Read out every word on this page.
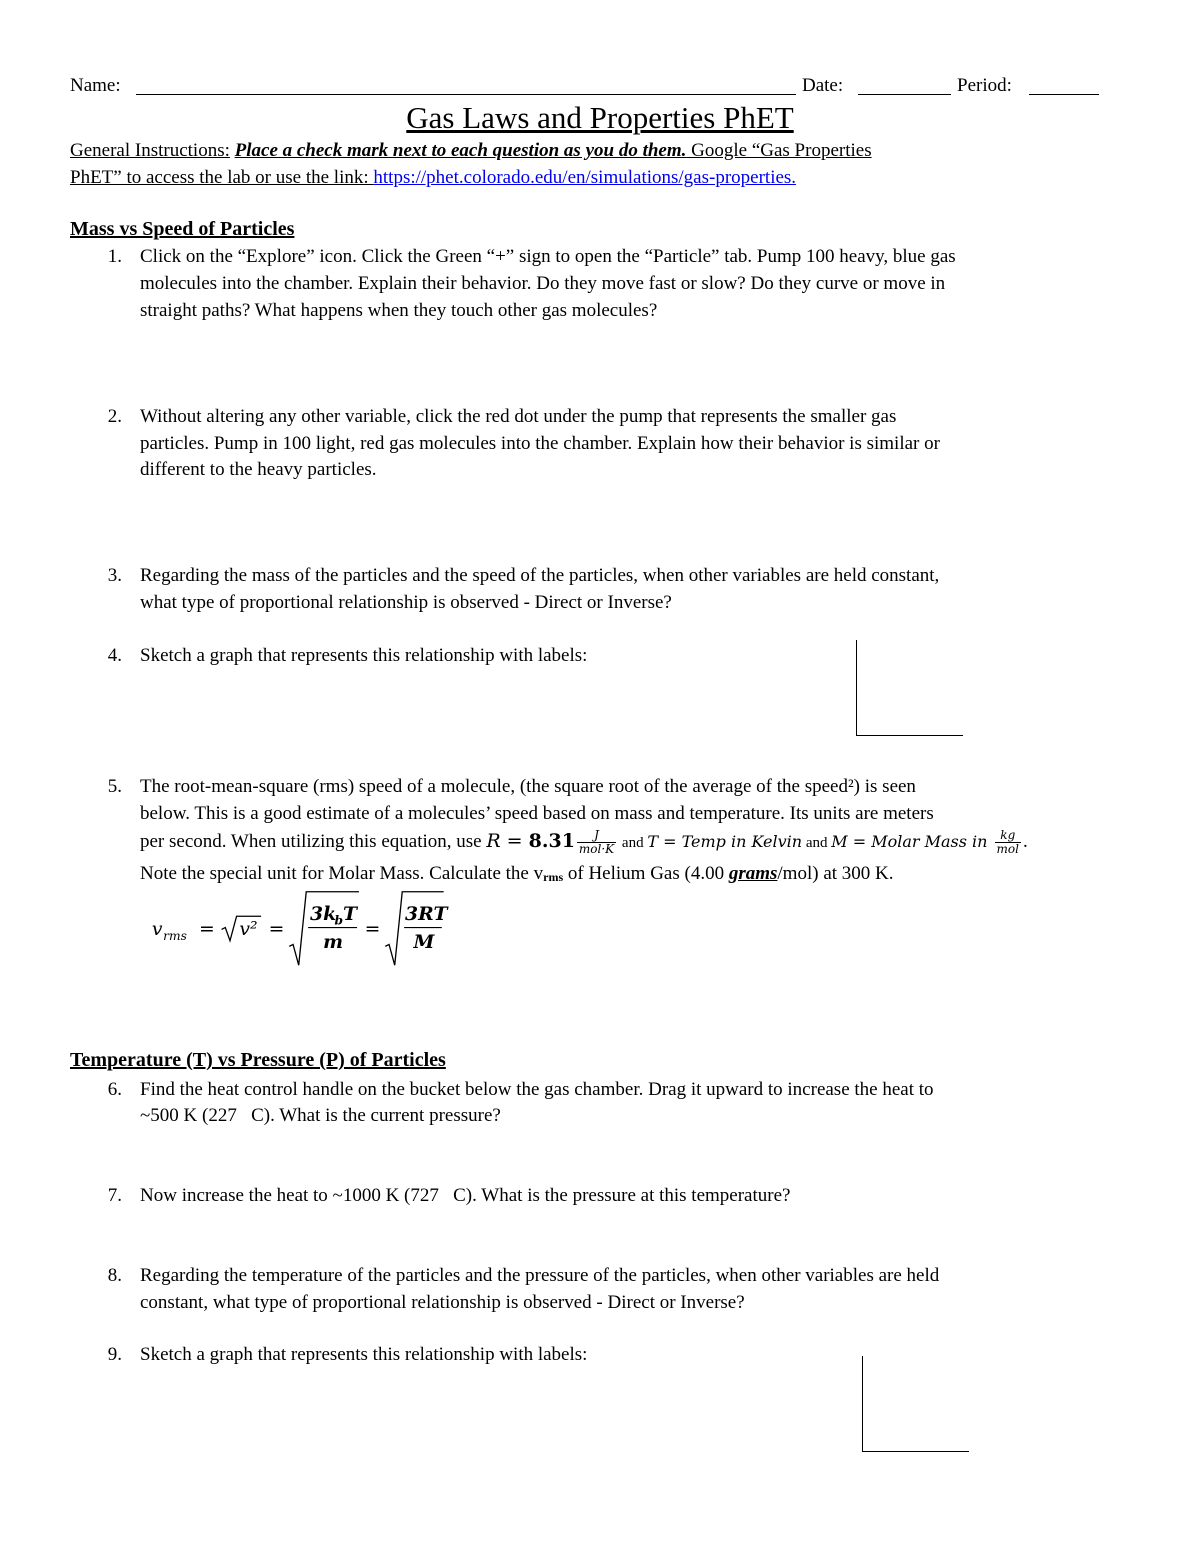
Name:	Date:	Period:
Gas Laws and Properties PhET
General Instructions: Place a check mark next to each question as you do them. Google “Gas Properties
PhET” to access the lab or use the link: https://phet.colorado.edu/en/simulations/gas-properties.
Mass vs Speed of Particles
1. Click on the “Explore” icon. Click the Green “+” sign to open the “Particle” tab. Pump 100 heavy, blue gas
molecules into the chamber. Explain their behavior. Do they move fast or slow? Do they curve or move in
straight paths? What happens when they touch other gas molecules?
2. Without altering any other variable, click the red dot under the pump that represents the smaller gas
particles. Pump in 100 light, red gas molecules into the chamber. Explain how their behavior is similar or
different to the heavy particles.
3. Regarding the mass of the particles and the speed of the particles, when other variables are held constant,
what type of proportional relationship is observed - Direct or Inverse?
4. Sketch a graph that represents this relationship with labels:
5. The root-mean-square (rms) speed of a molecule, (the square root of the average of the speed²) is seen
below. This is a good estimate of a molecules’ speed based on mass and temperature. Its units are meters
per second. When utilizing this equation, use $R = 8.31 \frac{J}{\text{mol·K}}$ and T = Temp in Kelvin and M = Molar Mass in $\frac{kg}{\text{mol}}$ .
Note the special unit for Molar Mass. Calculate the vrms of Helium Gas (4.00 grams/mol) at 300 K.
v rms = v² =
3k
b T
m
=
3RT
M
Temperature (T) vs Pressure (P) of Particles
6. Find the heat control handle on the bucket below the gas chamber. Drag it upward to increase the heat to
~500 K (227   C). What is the current pressure?
7. Now increase the heat to ~1000 K (727   C). What is the pressure at this temperature?
8. Regarding the temperature of the particles and the pressure of the particles, when other variables are held
constant, what type of proportional relationship is observed - Direct or Inverse?
9. Sketch a graph that represents this relationship with labels:
